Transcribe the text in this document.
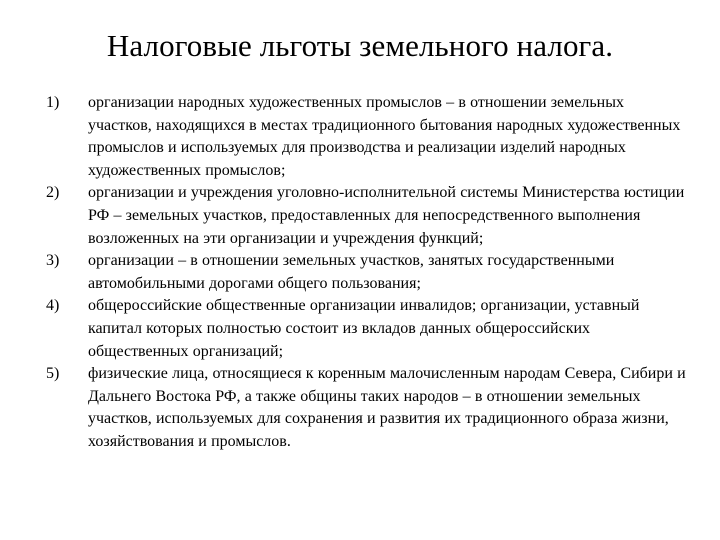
Налоговые льготы земельного налога.
1)	организации народных художественных промыслов – в отношении земельных участков, находящихся в местах традиционного бытования народных художественных промыслов и используемых для производства и реализации изделий народных художественных промыслов;
2)	организации и учреждения уголовно-исполнительной системы Министерства юстиции РФ – земельных участков, предоставленных для непосредственного выполнения возложенных на эти организации и учреждения функций;
3)	организации – в отношении земельных участков, занятых государственными автомобильными дорогами общего пользования;
4)	общероссийские общественные организации инвалидов; организации, уставный капитал которых полностью состоит из вкладов данных общероссийских общественных организаций;
5)	физические лица, относящиеся к коренным малочисленным народам Севера, Сибири и Дальнего Востока РФ, а также общины таких народов – в отношении земельных участков, используемых для сохранения и развития их традиционного образа жизни, хозяйствования и промыслов.
